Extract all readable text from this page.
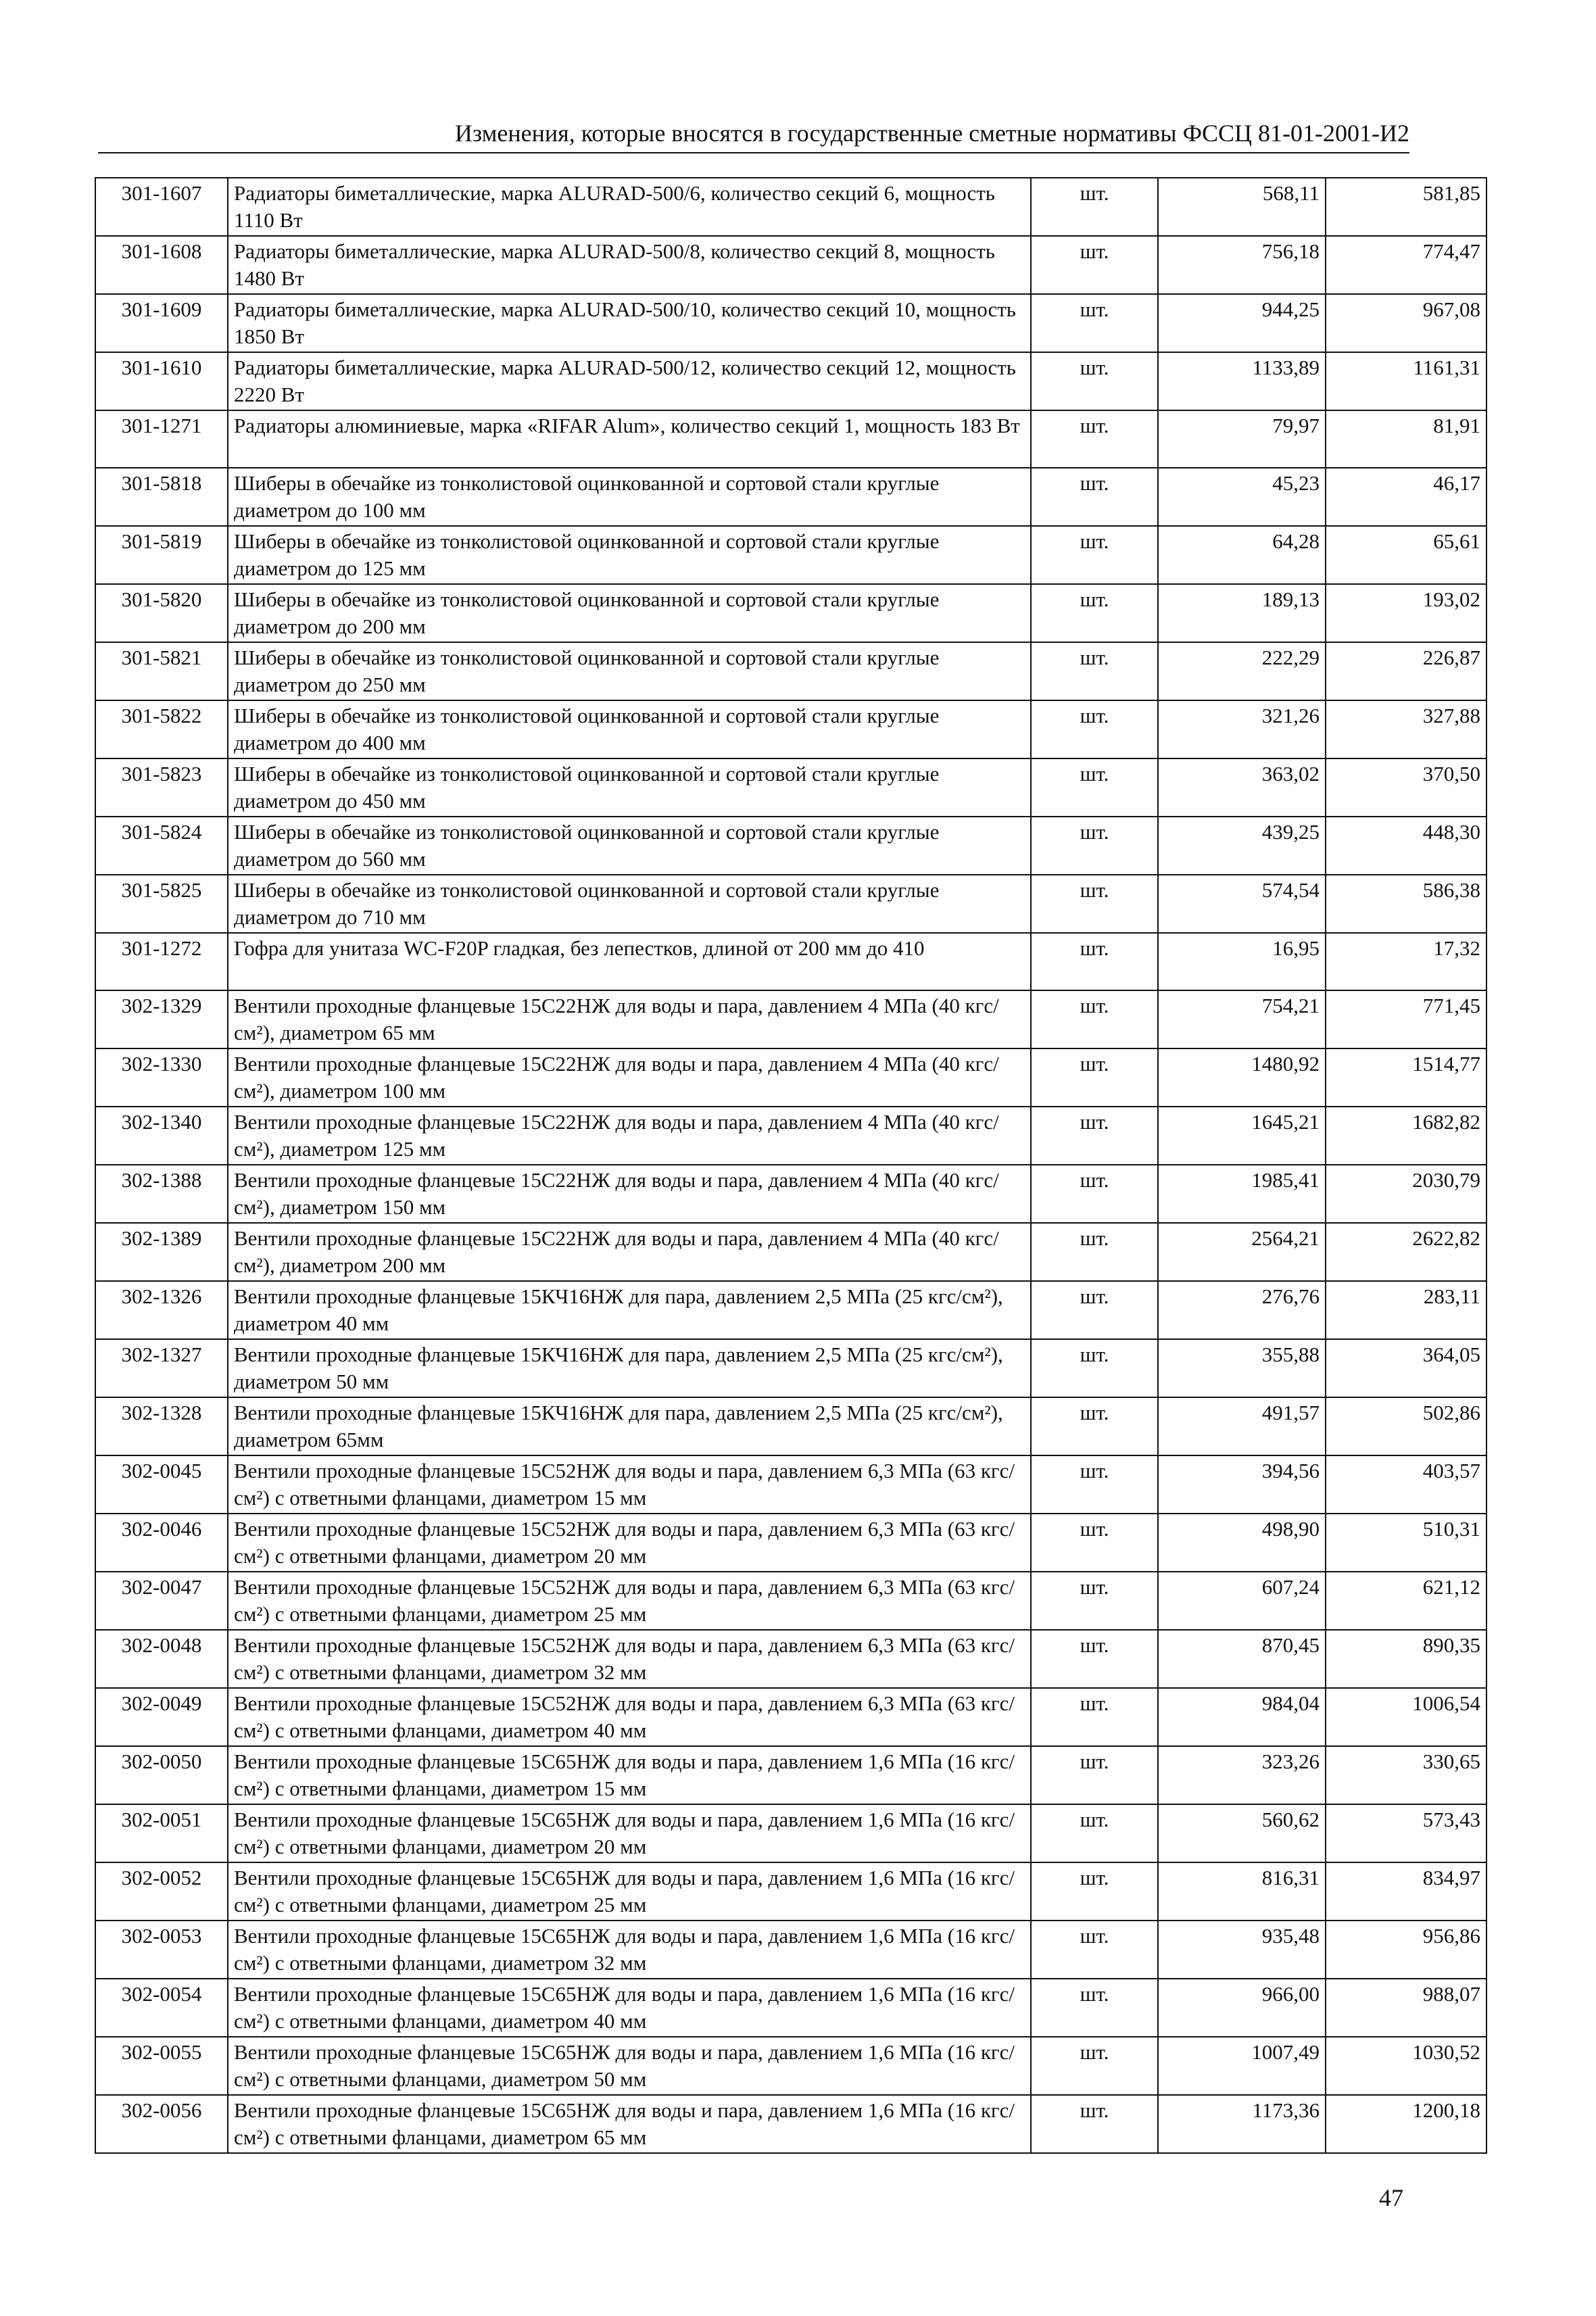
Изменения, которые вносятся в государственные сметные нормативы ФССЦ 81-01-2001-И2
301-1607	Радиаторы биметаллические, марка ALURAD-500/6, количество секций 6, мощность 1110 Вт	шт.	568,11	581,85
301-1608	Радиаторы биметаллические, марка ALURAD-500/8, количество секций 8, мощность 1480 Вт	шт.	756,18	774,47
301-1609	Радиаторы биметаллические, марка ALURAD-500/10, количество секций 10, мощность 1850 Вт	шт.	944,25	967,08
301-1610	Радиаторы биметаллические, марка ALURAD-500/12, количество секций 12, мощность 2220 Вт	шт.	1133,89	1161,31
301-1271	Радиаторы алюминиевые, марка «RIFAR Alum», количество секций 1, мощность 183 Вт	шт.	79,97	81,91
301-5818	Шиберы в обечайке из тонколистовой оцинкованной и сортовой стали круглые диаметром до 100 мм	шт.	45,23	46,17
301-5819	Шиберы в обечайке из тонколистовой оцинкованной и сортовой стали круглые диаметром до 125 мм	шт.	64,28	65,61
301-5820	Шиберы в обечайке из тонколистовой оцинкованной и сортовой стали круглые диаметром до 200 мм	шт.	189,13	193,02
301-5821	Шиберы в обечайке из тонколистовой оцинкованной и сортовой стали круглые диаметром до 250 мм	шт.	222,29	226,87
301-5822	Шиберы в обечайке из тонколистовой оцинкованной и сортовой стали круглые диаметром до 400 мм	шт.	321,26	327,88
301-5823	Шиберы в обечайке из тонколистовой оцинкованной и сортовой стали круглые диаметром до 450 мм	шт.	363,02	370,50
301-5824	Шиберы в обечайке из тонколистовой оцинкованной и сортовой стали круглые диаметром до 560 мм	шт.	439,25	448,30
301-5825	Шиберы в обечайке из тонколистовой оцинкованной и сортовой стали круглые диаметром до 710 мм	шт.	574,54	586,38
301-1272	Гофра для унитаза WC-F20P гладкая, без лепестков, длиной от 200 мм до 410	шт.	16,95	17,32
302-1329	Вентили проходные фланцевые 15С22НЖ для воды и пара, давлением 4 МПа (40 кгс/см²), диаметром 65 мм	шт.	754,21	771,45
302-1330	Вентили проходные фланцевые 15С22НЖ для воды и пара, давлением 4 МПа (40 кгс/см²), диаметром 100 мм	шт.	1480,92	1514,77
302-1340	Вентили проходные фланцевые 15С22НЖ для воды и пара, давлением 4 МПа (40 кгс/см²), диаметром 125 мм	шт.	1645,21	1682,82
302-1388	Вентили проходные фланцевые 15С22НЖ для воды и пара, давлением 4 МПа (40 кгс/см²), диаметром 150 мм	шт.	1985,41	2030,79
302-1389	Вентили проходные фланцевые 15С22НЖ для воды и пара, давлением 4 МПа (40 кгс/см²), диаметром 200 мм	шт.	2564,21	2622,82
302-1326	Вентили проходные фланцевые 15КЧ16НЖ для пара, давлением 2,5 МПа (25 кгс/см²), диаметром 40 мм	шт.	276,76	283,11
302-1327	Вентили проходные фланцевые 15КЧ16НЖ для пара, давлением 2,5 МПа (25 кгс/см²), диаметром 50 мм	шт.	355,88	364,05
302-1328	Вентили проходные фланцевые 15КЧ16НЖ для пара, давлением 2,5 МПа (25 кгс/см²), диаметром 65мм	шт.	491,57	502,86
302-0045	Вентили проходные фланцевые 15С52НЖ для воды и пара, давлением 6,3 МПа (63 кгс/см²) с ответными фланцами, диаметром 15 мм	шт.	394,56	403,57
302-0046	Вентили проходные фланцевые 15С52НЖ для воды и пара, давлением 6,3 МПа (63 кгс/см²) с ответными фланцами, диаметром 20 мм	шт.	498,90	510,31
302-0047	Вентили проходные фланцевые 15С52НЖ для воды и пара, давлением 6,3 МПа (63 кгс/см²) с ответными фланцами, диаметром 25 мм	шт.	607,24	621,12
302-0048	Вентили проходные фланцевые 15С52НЖ для воды и пара, давлением 6,3 МПа (63 кгс/см²) с ответными фланцами, диаметром 32 мм	шт.	870,45	890,35
302-0049	Вентили проходные фланцевые 15С52НЖ для воды и пара, давлением 6,3 МПа (63 кгс/см²) с ответными фланцами, диаметром 40 мм	шт.	984,04	1006,54
302-0050	Вентили проходные фланцевые 15С65НЖ для воды и пара, давлением 1,6 МПа (16 кгс/см²) с ответными фланцами, диаметром 15 мм	шт.	323,26	330,65
302-0051	Вентили проходные фланцевые 15С65НЖ для воды и пара, давлением 1,6 МПа (16 кгс/см²) с ответными фланцами, диаметром 20 мм	шт.	560,62	573,43
302-0052	Вентили проходные фланцевые 15С65НЖ для воды и пара, давлением 1,6 МПа (16 кгс/см²) с ответными фланцами, диаметром 25 мм	шт.	816,31	834,97
302-0053	Вентили проходные фланцевые 15С65НЖ для воды и пара, давлением 1,6 МПа (16 кгс/см²) с ответными фланцами, диаметром 32 мм	шт.	935,48	956,86
302-0054	Вентили проходные фланцевые 15С65НЖ для воды и пара, давлением 1,6 МПа (16 кгс/см²) с ответными фланцами, диаметром 40 мм	шт.	966,00	988,07
302-0055	Вентили проходные фланцевые 15С65НЖ для воды и пара, давлением 1,6 МПа (16 кгс/см²) с ответными фланцами, диаметром 50 мм	шт.	1007,49	1030,52
302-0056	Вентили проходные фланцевые 15С65НЖ для воды и пара, давлением 1,6 МПа (16 кгс/см²) с ответными фланцами, диаметром 65 мм	шт.	1173,36	1200,18
47
